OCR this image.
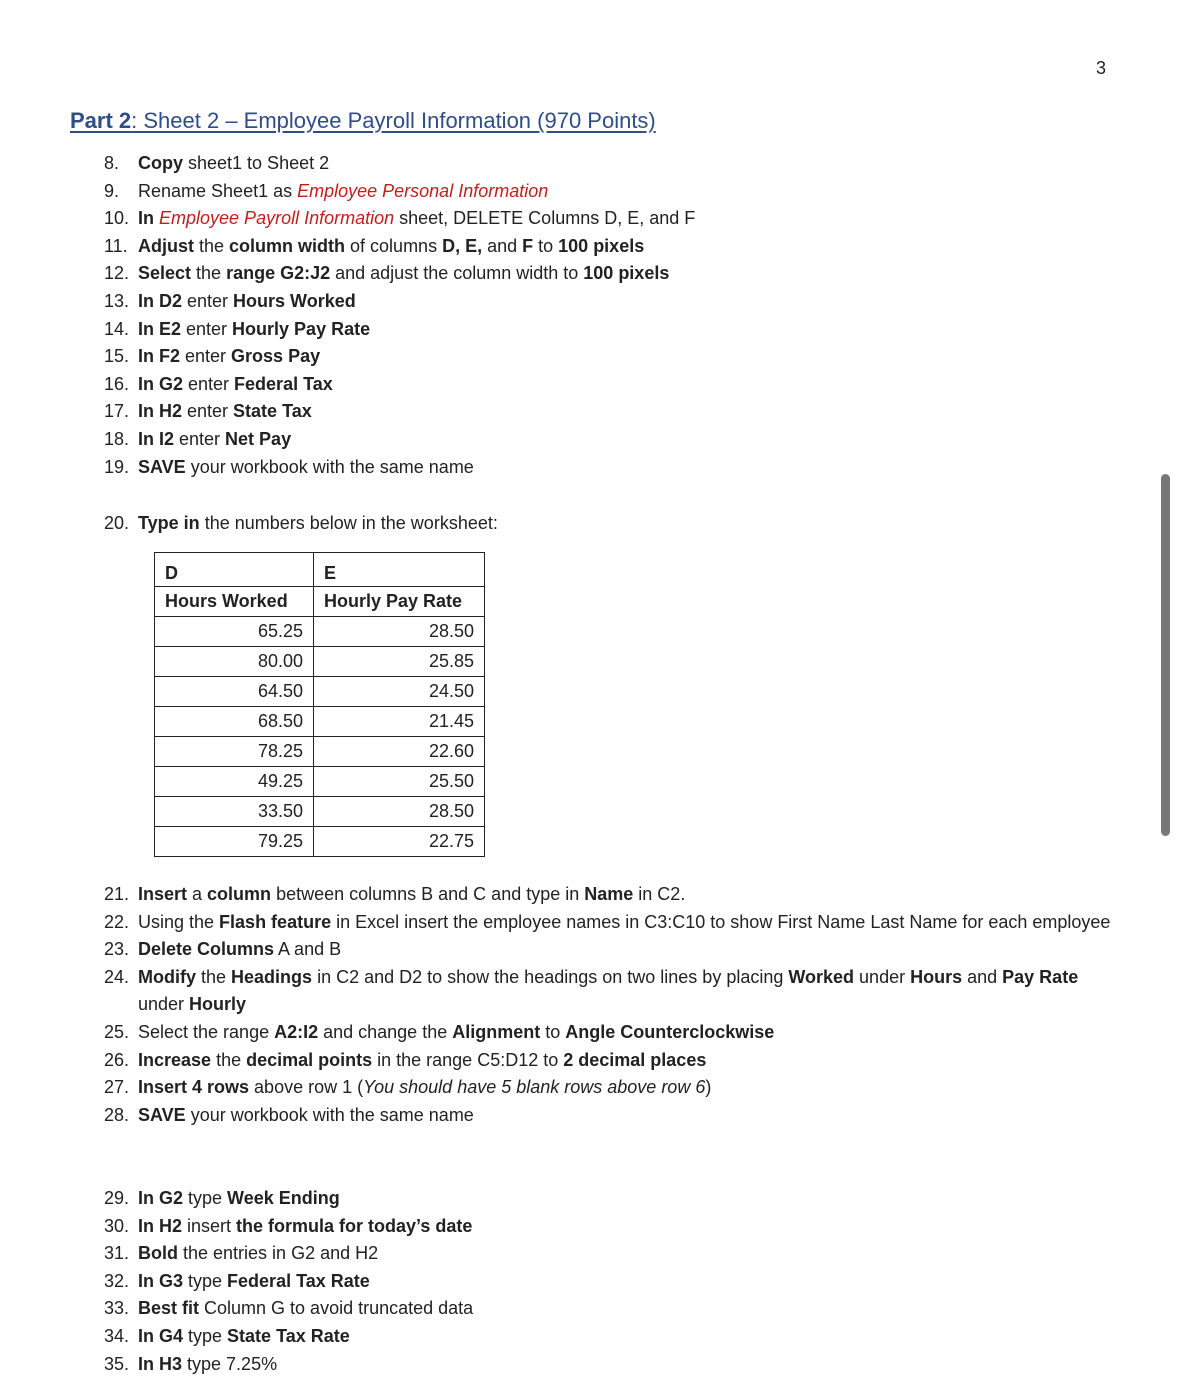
3
Part 2: Sheet 2 – Employee Payroll Information (970 Points)
8. Copy sheet1 to Sheet 2
9. Rename Sheet1 as Employee Personal Information
10. In Employee Payroll Information sheet, DELETE Columns D, E, and F
11. Adjust the column width of columns D, E, and F to 100 pixels
12. Select the range G2:J2 and adjust the column width to 100 pixels
13. In D2 enter Hours Worked
14. In E2 enter Hourly Pay Rate
15. In F2 enter Gross Pay
16. In G2 enter Federal Tax
17. In H2 enter State Tax
18. In I2 enter Net Pay
19. SAVE your workbook with the same name
20. Type in the numbers below in the worksheet:
D	E
Hours Worked	Hourly Pay Rate
65.25	28.50
80.00	25.85
64.50	24.50
68.50	21.45
78.25	22.60
49.25	25.50
33.50	28.50
79.25	22.75
21. Insert a column between columns B and C and type in Name in C2.
22. Using the Flash feature in Excel insert the employee names in C3:C10 to show First Name Last Name for each employee
23. Delete Columns A and B
24. Modify the Headings in C2 and D2 to show the headings on two lines by placing Worked under Hours and Pay Rate under Hourly
25. Select the range A2:I2 and change the Alignment to Angle Counterclockwise
26. Increase the decimal points in the range C5:D12 to 2 decimal places
27. Insert 4 rows above row 1 (You should have 5 blank rows above row 6)
28. SAVE your workbook with the same name
29. In G2 type Week Ending
30. In H2 insert the formula for today’s date
31. Bold the entries in G2 and H2
32. In G3 type Federal Tax Rate
33. Best fit Column G to avoid truncated data
34. In G4 type State Tax Rate
35. In H3 type 7.25%
